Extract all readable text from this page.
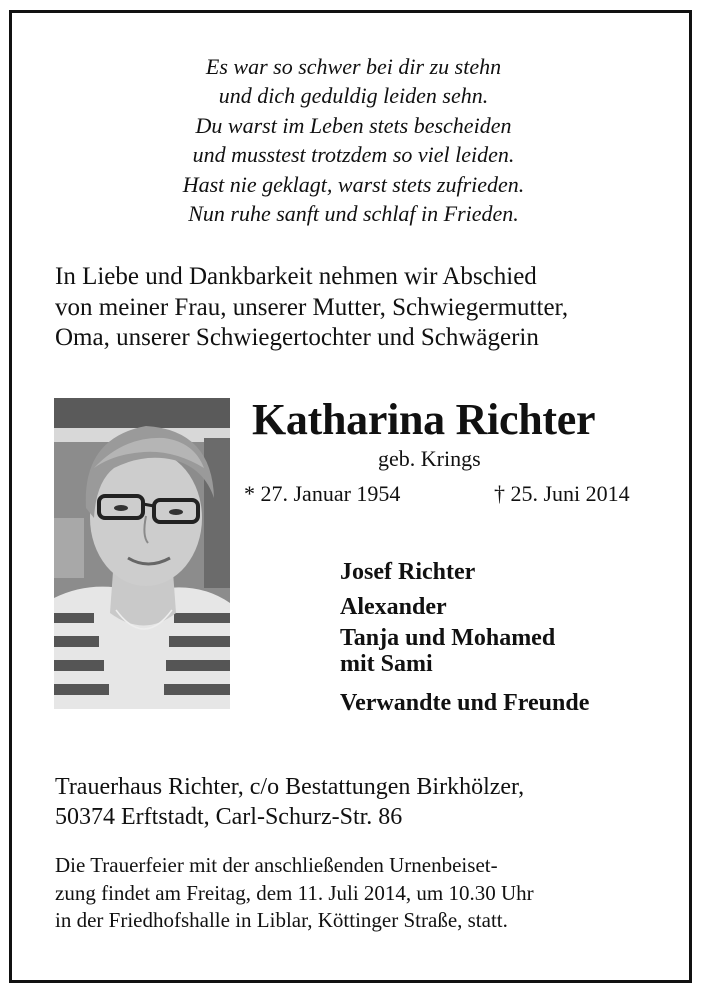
Es war so schwer bei dir zu stehn
und dich geduldig leiden sehn.
Du warst im Leben stets bescheiden
und musstest trotzdem so viel leiden.
Hast nie geklagt, warst stets zufrieden.
Nun ruhe sanft und schlaf in Frieden.
In Liebe und Dankbarkeit nehmen wir Abschied
von meiner Frau, unserer Mutter, Schwiegermutter,
Oma, unserer Schwiegertochter und Schwägerin
Katharina Richter
geb. Krings
* 27. Januar 1954	† 25. Juni 2014
Josef Richter
Alexander
Tanja und Mohamed
mit Sami
Verwandte und Freunde
Trauerhaus Richter, c/o Bestattungen Birkhölzer,
50374 Erftstadt, Carl-Schurz-Str. 86
Die Trauerfeier mit der anschließenden Urnenbeiset-
zung findet am Freitag, dem 11. Juli 2014, um 10.30 Uhr
in der Friedhofshalle in Liblar, Köttinger Straße, statt.
